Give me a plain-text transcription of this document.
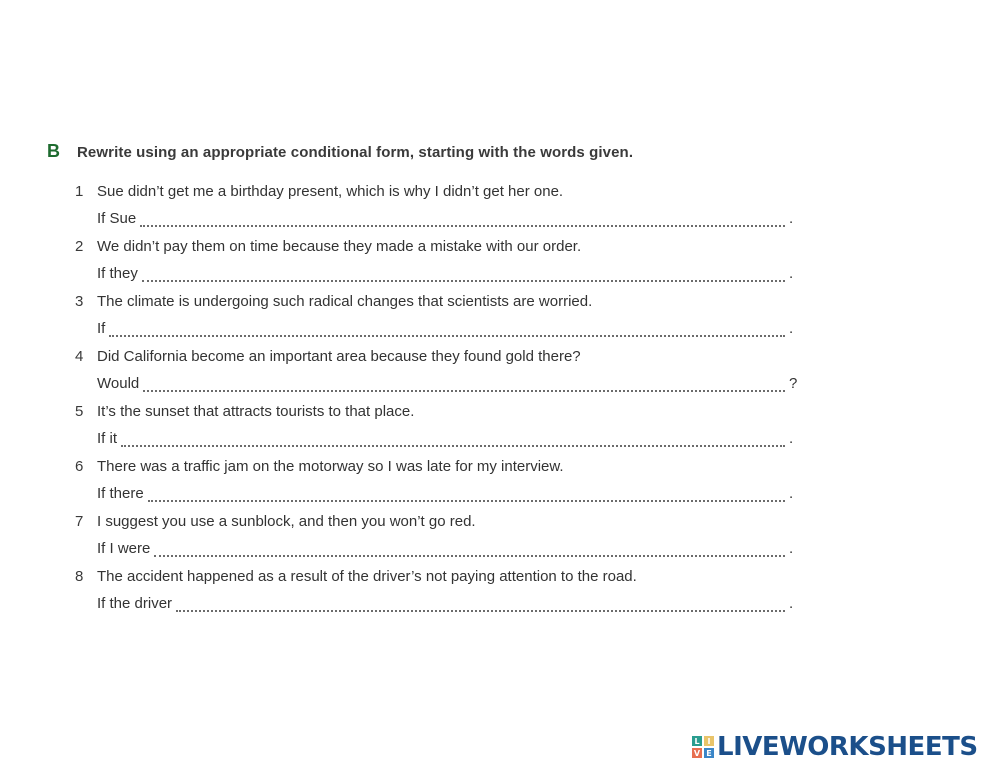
B	Rewrite using an appropriate conditional form, starting with the words given.
1 Sue didn’t get me a birthday present, which is why I didn’t get her one.
If Sue	.
2 We didn’t pay them on time because they made a mistake with our order.
If they	.
3 The climate is undergoing such radical changes that scientists are worried.
If	.
4 Did California become an important area because they found gold there?
Would	?
5 It’s the sunset that attracts tourists to that place.
If it	.
6 There was a traffic jam on the motorway so I was late for my interview.
If there	.
7 I suggest you use a sunblock, and then you won’t go red.
If I were	.
8 The accident happened as a result of the driver’s not paying attention to the road.
If the driver	.
L I
V E LIVEWORKSHEETS
